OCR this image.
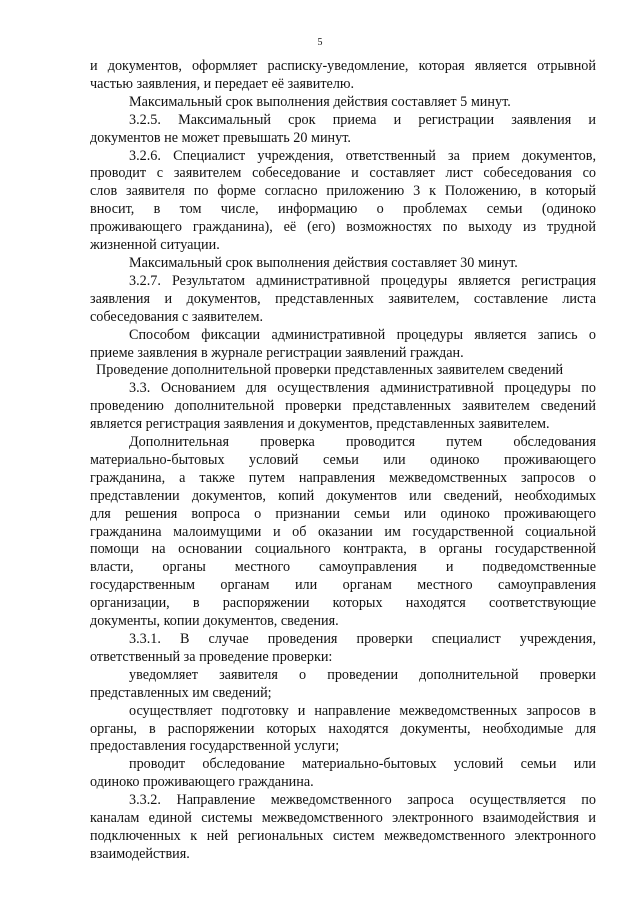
5
и документов, оформляет расписку-уведомление, которая является отрывной
частью заявления, и передает её заявителю.
Максимальный срок выполнения действия составляет 5 минут.
3.2.5. Максимальный срок приема и регистрации заявления и
документов не может превышать 20 минут.
3.2.6. Специалист учреждения, ответственный за прием документов,
проводит с заявителем собеседование и составляет лист собеседования со
слов заявителя по форме согласно приложению 3 к Положению, в который
вносит, в том числе, информацию о проблемах семьи (одиноко
проживающего гражданина), её (его) возможностях по выходу из трудной
жизненной ситуации.
Максимальный срок выполнения действия составляет 30 минут.
3.2.7. Результатом административной процедуры является регистрация
заявления и документов, представленных заявителем, составление листа
собеседования с заявителем.
Способом фиксации административной процедуры является запись о
приеме заявления в журнале регистрации заявлений граждан.
Проведение дополнительной проверки представленных заявителем сведений
3.3. Основанием для осуществления административной процедуры по
проведению дополнительной проверки представленных заявителем сведений
является регистрация заявления и документов, представленных заявителем.
Дополнительная проверка проводится путем обследования
материально-бытовых условий семьи или одиноко проживающего
гражданина, а также путем направления межведомственных запросов о
представлении документов, копий документов или сведений, необходимых
для решения вопроса о признании семьи или одиноко проживающего
гражданина малоимущими и об оказании им государственной социальной
помощи на основании социального контракта, в органы государственной
власти, органы местного самоуправления и подведомственные
государственным органам или органам местного самоуправления
организации, в распоряжении которых находятся соответствующие
документы, копии документов, сведения.
3.3.1. В случае проведения проверки специалист учреждения,
ответственный за проведение проверки:
уведомляет заявителя о проведении дополнительной проверки
представленных им сведений;
осуществляет подготовку и направление межведомственных запросов в
органы, в распоряжении которых находятся документы, необходимые для
предоставления государственной услуги;
проводит обследование материально-бытовых условий семьи или
одиноко проживающего гражданина.
3.3.2. Направление межведомственного запроса осуществляется по
каналам единой системы межведомственного электронного взаимодействия и
подключенных к ней региональных систем межведомственного электронного
взаимодействия.
